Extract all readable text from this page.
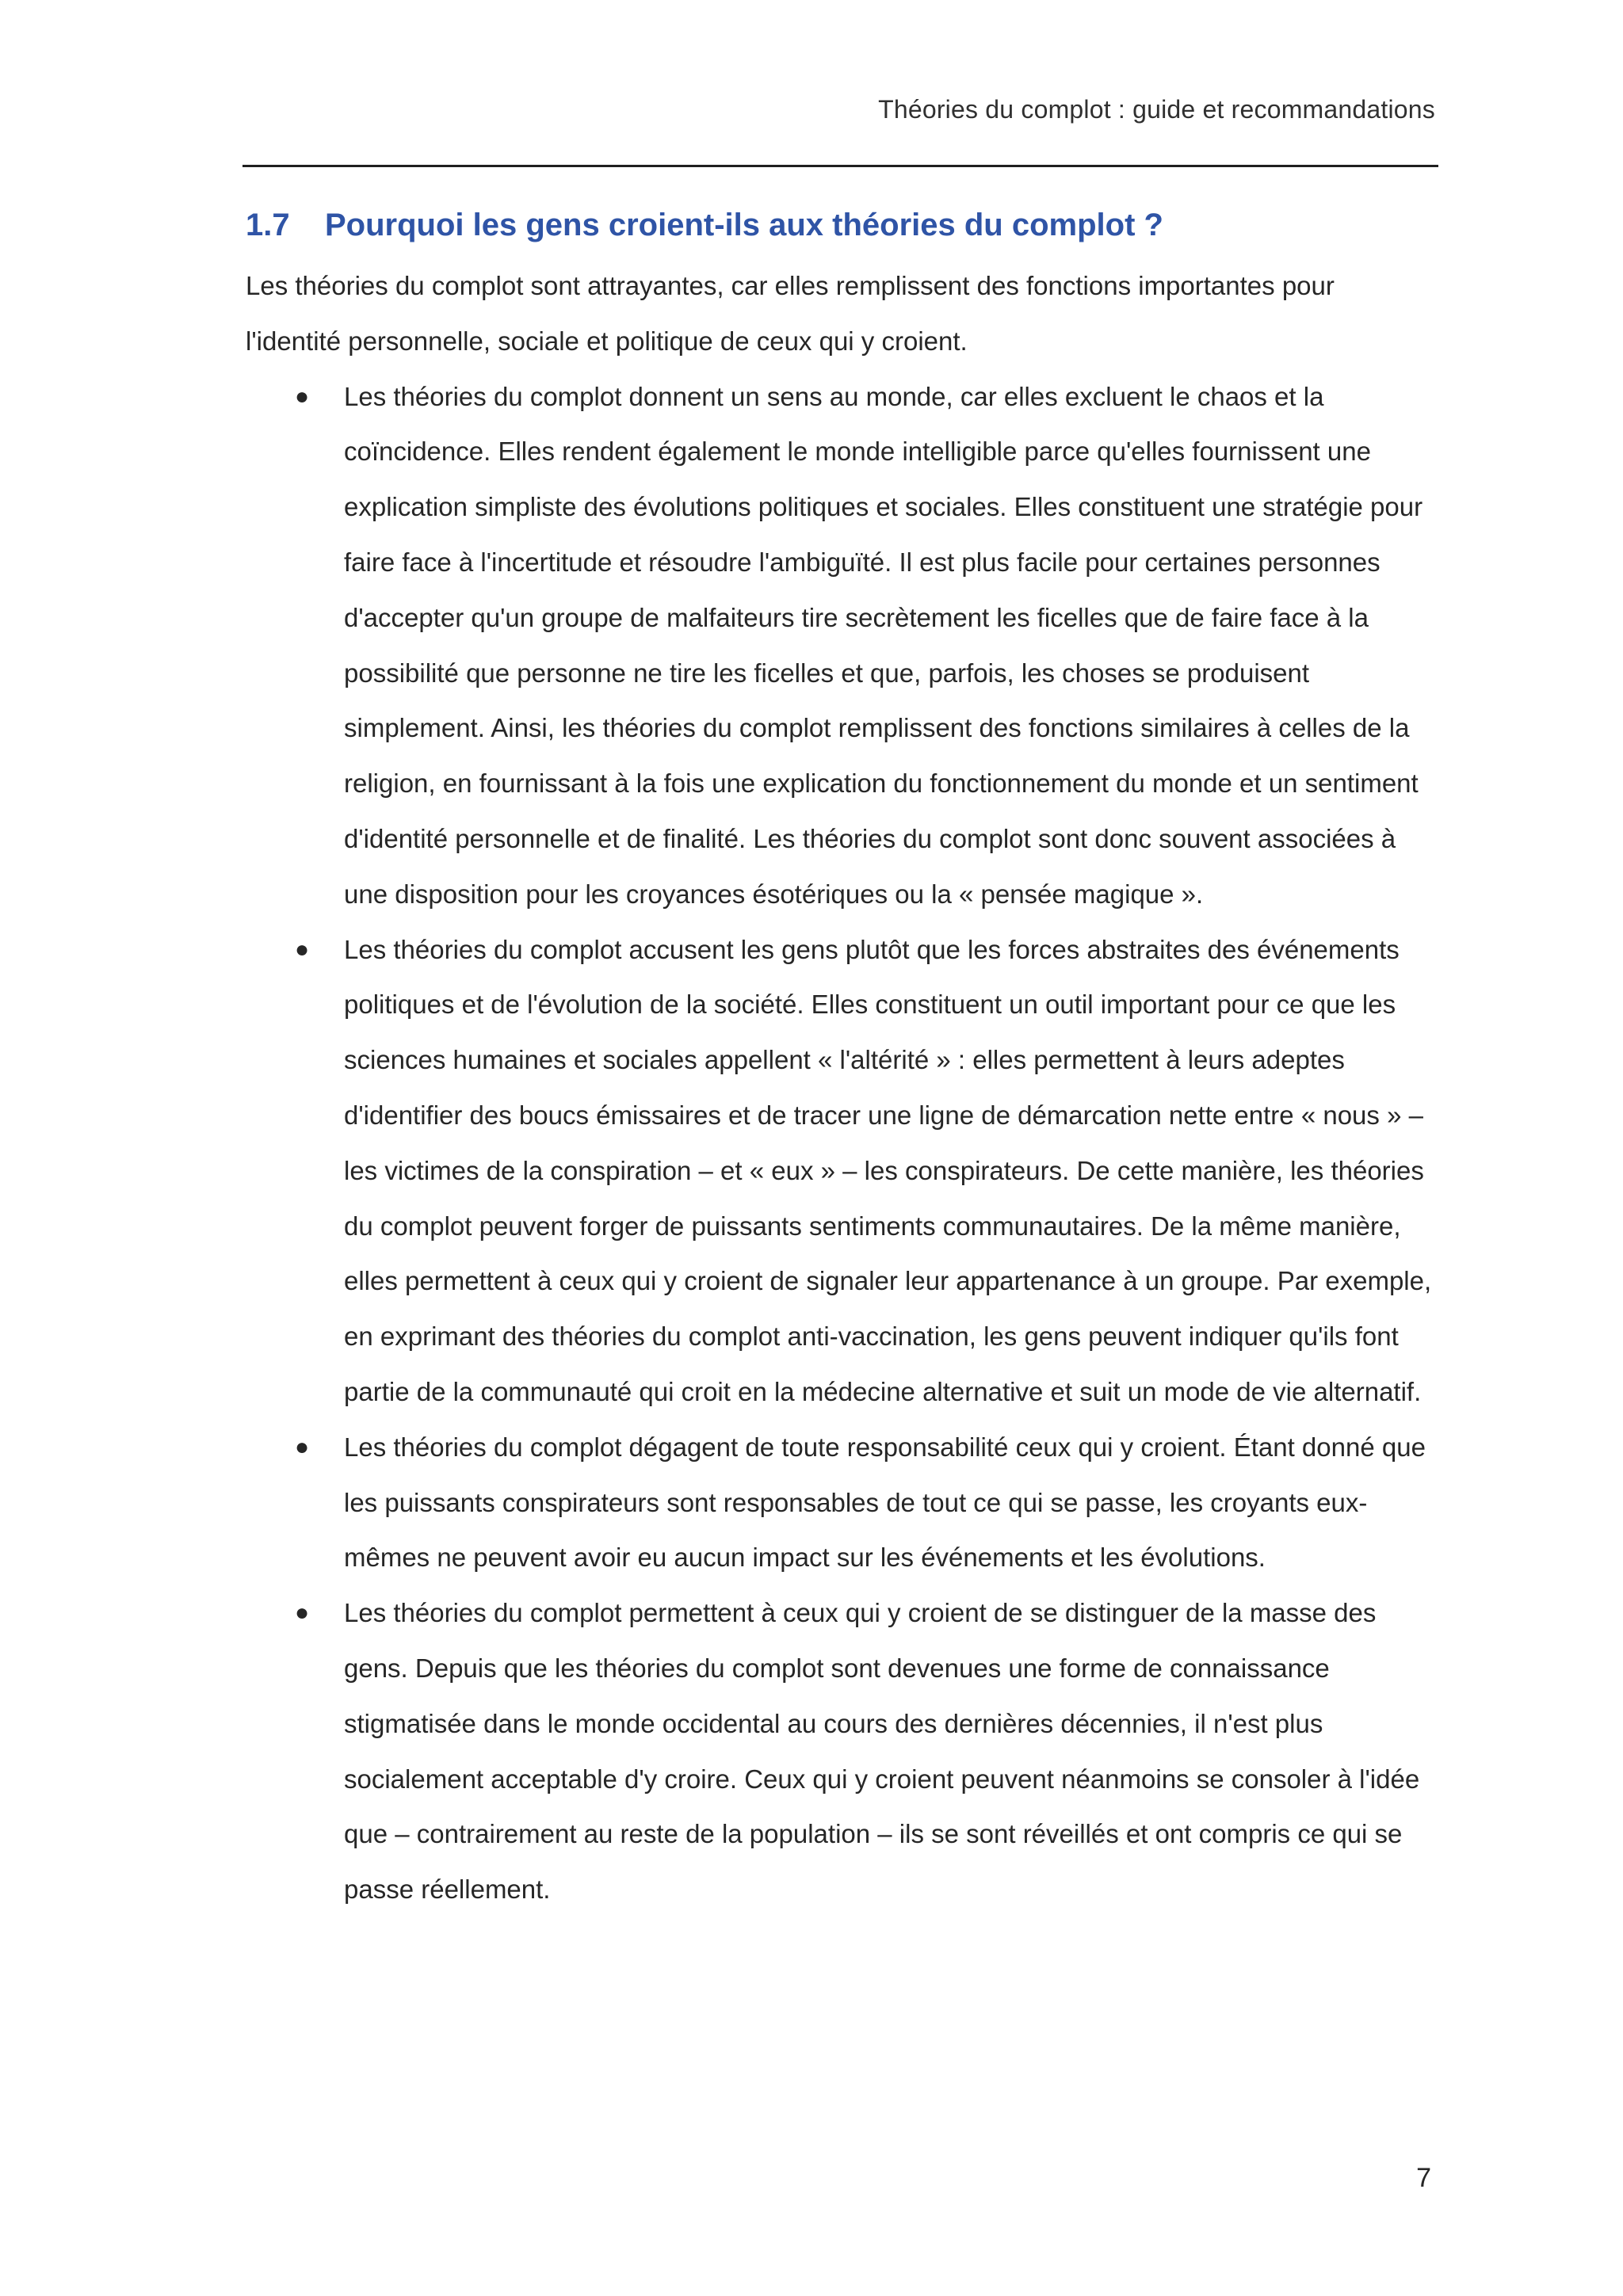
Théories du complot : guide et recommandations
1.7 Pourquoi les gens croient-ils aux théories du complot ?

Les théories du complot sont attrayantes, car elles remplissent des fonctions importantes pour l'identité personnelle, sociale et politique de ceux qui y croient.

● Les théories du complot donnent un sens au monde, car elles excluent le chaos et la coïncidence. Elles rendent également le monde intelligible parce qu'elles fournissent une explication simpliste des évolutions politiques et sociales. Elles constituent une stratégie pour faire face à l'incertitude et résoudre l'ambiguïté. Il est plus facile pour certaines personnes d'accepter qu'un groupe de malfaiteurs tire secrètement les ficelles que de faire face à la possibilité que personne ne tire les ficelles et que, parfois, les choses se produisent simplement. Ainsi, les théories du complot remplissent des fonctions similaires à celles de la religion, en fournissant à la fois une explication du fonctionnement du monde et un sentiment d'identité personnelle et de finalité. Les théories du complot sont donc souvent associées à une disposition pour les croyances ésotériques ou la « pensée magique ».
● Les théories du complot accusent les gens plutôt que les forces abstraites des événements politiques et de l'évolution de la société. Elles constituent un outil important pour ce que les sciences humaines et sociales appellent « l'altérité » : elles permettent à leurs adeptes d'identifier des boucs émissaires et de tracer une ligne de démarcation nette entre « nous » – les victimes de la conspiration – et « eux » – les conspirateurs. De cette manière, les théories du complot peuvent forger de puissants sentiments communautaires. De la même manière, elles permettent à ceux qui y croient de signaler leur appartenance à un groupe. Par exemple, en exprimant des théories du complot anti-vaccination, les gens peuvent indiquer qu'ils font partie de la communauté qui croit en la médecine alternative et suit un mode de vie alternatif.
● Les théories du complot dégagent de toute responsabilité ceux qui y croient. Étant donné que les puissants conspirateurs sont responsables de tout ce qui se passe, les croyants eux-mêmes ne peuvent avoir eu aucun impact sur les événements et les évolutions.
● Les théories du complot permettent à ceux qui y croient de se distinguer de la masse des gens. Depuis que les théories du complot sont devenues une forme de connaissance stigmatisée dans le monde occidental au cours des dernières décennies, il n'est plus socialement acceptable d'y croire. Ceux qui y croient peuvent néanmoins se consoler à l'idée que – contrairement au reste de la population – ils se sont réveillés et ont compris ce qui se passe réellement.
7
